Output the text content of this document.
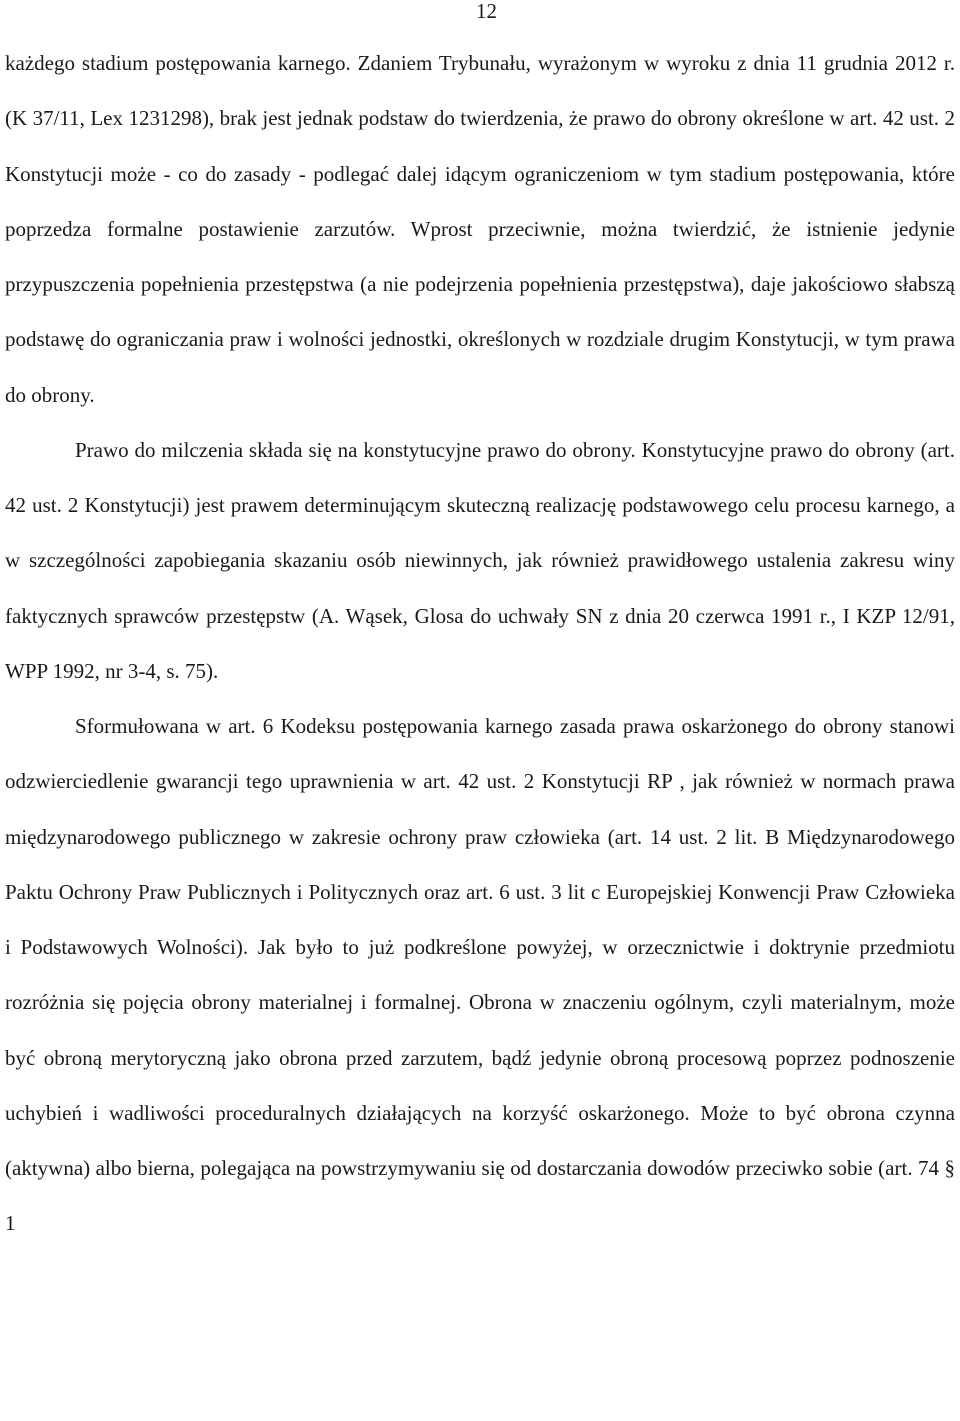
12

każdego stadium postępowania karnego. Zdaniem Trybunału, wyrażonym w wyroku z dnia 11 grudnia 2012 r. (K 37/11, Lex 1231298), brak jest jednak podstaw do twierdzenia, że prawo do obrony określone w art. 42 ust. 2 Konstytucji może - co do zasady - podlegać dalej idącym ograniczeniom w tym stadium postępowania, które poprzedza formalne postawienie zarzutów. Wprost przeciwnie, można twierdzić, że istnienie jedynie przypuszczenia popełnienia przestępstwa (a nie podejrzenia popełnienia przestępstwa), daje jakościowo słabszą podstawę do ograniczania praw i wolności jednostki, określonych w rozdziale drugim Konstytucji, w tym prawa do obrony.

Prawo do milczenia składa się na konstytucyjne prawo do obrony. Konstytucyjne prawo do obrony (art. 42 ust. 2 Konstytucji) jest prawem determinującym skuteczną realizację podstawowego celu procesu karnego, a w szczególności zapobiegania skazaniu osób niewinnych, jak również prawidłowego ustalenia zakresu winy faktycznych sprawców przestępstw (A. Wąsek, Glosa do uchwały SN z dnia 20 czerwca 1991 r., I KZP 12/91, WPP 1992, nr 3-4, s. 75).

Sformułowana w art. 6 Kodeksu postępowania karnego zasada prawa oskarżonego do obrony stanowi odzwierciedlenie gwarancji tego uprawnienia w art. 42 ust. 2 Konstytucji RP , jak również w normach prawa międzynarodowego publicznego w zakresie ochrony praw człowieka (art. 14 ust. 2 lit. B Międzynarodowego Paktu Ochrony Praw Publicznych i Politycznych oraz art. 6 ust. 3 lit c Europejskiej Konwencji Praw Człowieka i Podstawowych Wolności). Jak było to już podkreślone powyżej, w orzecznictwie i doktrynie przedmiotu rozróżnia się pojęcia obrony materialnej i formalnej. Obrona w znaczeniu ogólnym, czyli materialnym, może być obroną merytoryczną jako obrona przed zarzutem, bądź jedynie obroną procesową poprzez podnoszenie uchybień i wadliwości proceduralnych działających na korzyść oskarżonego. Może to być obrona czynna (aktywna) albo bierna, polegająca na powstrzymywaniu się od dostarczania dowodów przeciwko sobie (art. 74 § 1
